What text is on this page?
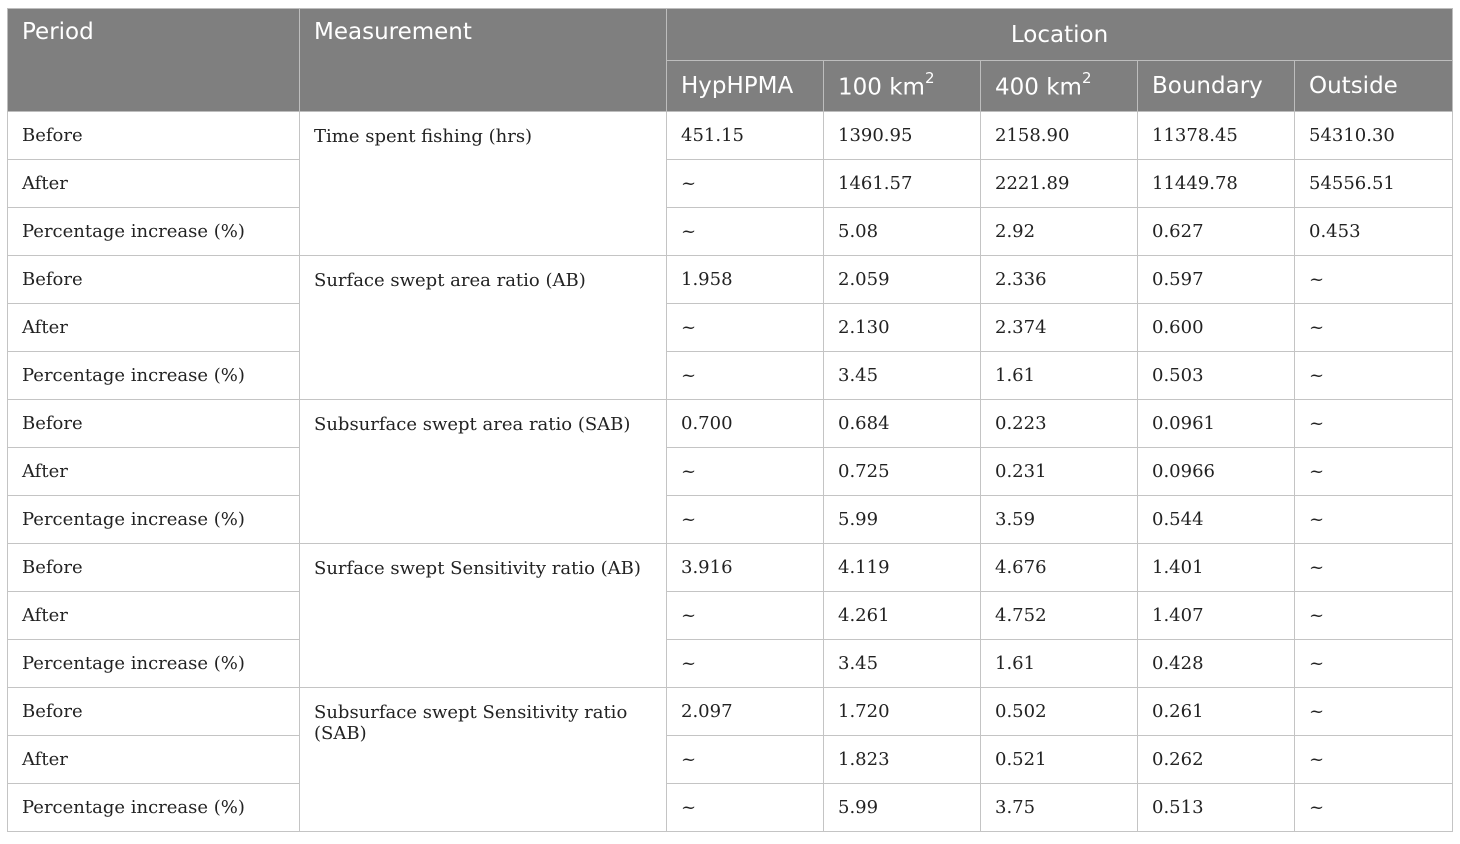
Period	Measurement	Location				
		HypHPMA	100 $km^2$	400 $km^2$	Boundary	Outside
Before	Time spent fishing (hrs)	451.15	1390.95	2158.90	11378.45	54310.30
After		~	1461.57	2221.89	11449.78	54556.51
Percentage increase (%)		~	5.08	2.92	0.627	0.453
Before	Surface swept area ratio (AB)	1.958	2.059	2.336	0.597	~
After		~	2.130	2.374	0.600	~
Percentage increase (%)		~	3.45	1.61	0.503	~
Before	Subsurface swept area ratio (SAB)	0.700	0.684	0.223	0.0961	~
After		~	0.725	0.231	0.0966	~
Percentage increase (%)		~	5.99	3.59	0.544	~
Before	Surface swept Sensitivity ratio (AB)	3.916	4.119	4.676	1.401	~
After		~	4.261	4.752	1.407	~
Percentage increase (%)		~	3.45	1.61	0.428	~
Before	Subsurface swept Sensitivity ratio (SAB)	2.097	1.720	0.502	0.261	~
After		~	1.823	0.521	0.262	~
Percentage increase (%)		~	5.99	3.75	0.513	~
